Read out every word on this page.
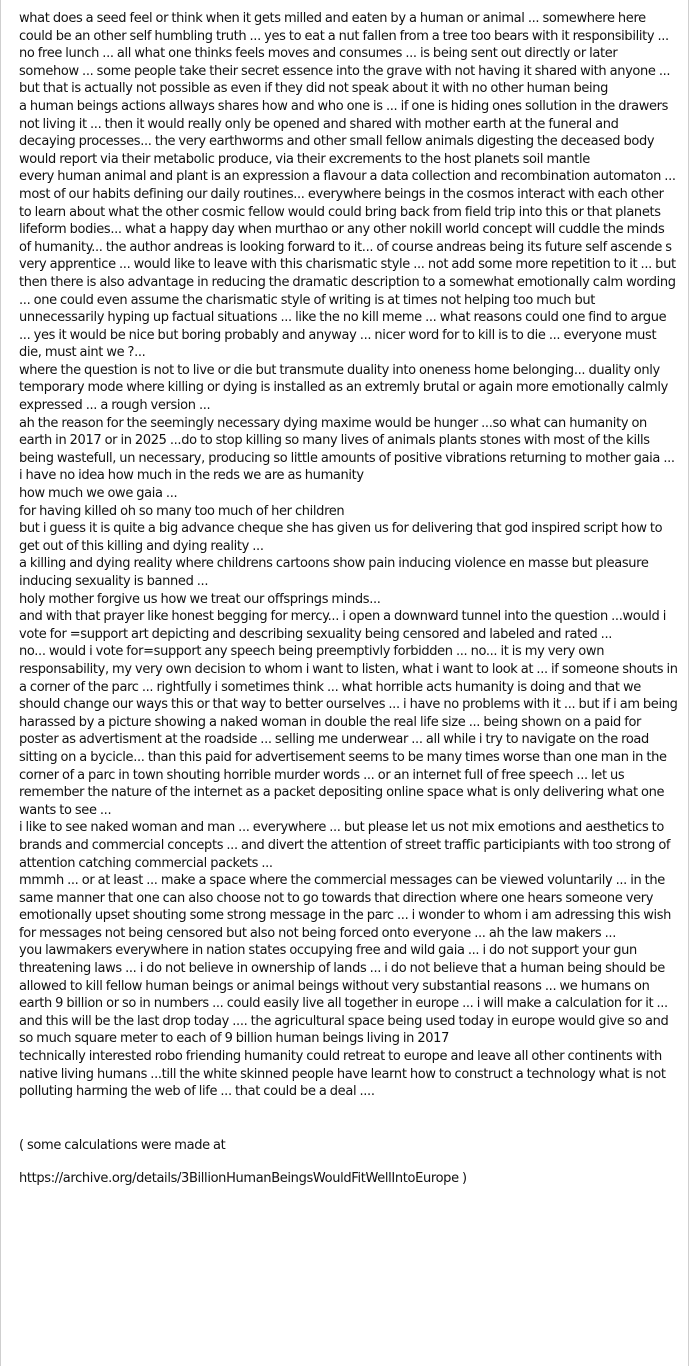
what does a seed feel or think when it gets milled and eaten by a human or animal ... somewhere here could be an other self humbling truth ... yes to eat a nut fallen from a tree too bears with it responsibility ... no free lunch ... all what one thinks feels moves and consumes ... is being sent out directly or later somehow ... some people take their secret essence into the grave with not having it shared with anyone ... but that is actually not possible as even if they did not speak about it with no other human being

a human beings actions allways shares how and who one is ... if one is hiding ones sollution in the drawers not living it ... then it would really only be opened and shared with mother earth at the funeral and decaying processes... the very earthworms and other small fellow animals digesting the deceased body would report via their metabolic produce, via their excrements to the host planets soil mantle

every human animal and plant is an expression a flavour a data collection and recombination automaton ... most of our habits defining our daily routines... everywhere beings in the cosmos interact with each other to learn about what the other cosmic fellow would could bring back from field trip into this or that planets lifeform bodies... what a happy day when murthao or any other nokill world concept will cuddle the minds of humanity... the author andreas is looking forward to it... of course andreas being its future self ascende s very apprentice ... would like to leave with this charismatic style ... not add some more repetition to it ... but then there is also advantage in reducing the dramatic description to a somewhat emotionally calm wording ... one could even assume the charismatic style of writing is at times not helping too much but unnecessarily hyping up factual situations ... like the no kill meme ... what reasons could one find to argue ... yes it would be nice but boring probably and anyway ... nicer word for to kill is to die ... everyone must die, must aint we ?...

where the question is not to live or die but transmute duality into oneness home belonging... duality only temporary mode where killing or dying is installed as an extremly brutal or again more emotionally calmly expressed ... a rough version ...

ah the reason for the seemingly necessary dying maxime would be hunger ...so what can humanity on earth in 2017 or in 2025 ...do to stop killing so many lives of animals plants stones with most of the kills being wastefull, un necessary, producing so little amounts of positive vibrations returning to mother gaia ...

i have no idea how much in the reds we are as humanity

how much we owe gaia ...

for having killed oh so many too much of her children

but i guess it is quite a big advance cheque she has given us for delivering that god inspired script how to get out of this killing and dying reality ...

a killing and dying reality where childrens cartoons show pain inducing violence en masse but pleasure inducing sexuality is banned ...

holy mother forgive us how we treat our offsprings minds...

and with that prayer like honest begging for mercy... i open a downward tunnel into the question ...would i vote for =support art depicting and describing sexuality being censored and labeled and rated ...

no... would i vote for=support any speech being preemptivly forbidden ... no... it is my very own responsability, my very own decision to whom i want to listen, what i want to look at ... if someone shouts in a corner of the parc ... rightfully i sometimes think ... what horrible acts humanity is doing and that we should change our ways this or that way to better ourselves ... i have no problems with it ... but if i am being harassed by a picture showing a naked woman in double the real life size ... being shown on a paid for poster as advertisment at the roadside ... selling me underwear ... all while i try to navigate on the road sitting on a bycicle... than this paid for advertisement seems to be many times worse than one man in the corner of a parc in town shouting horrible murder words ... or an internet full of free speech ... let us remember the nature of the internet as a packet depositing online space what is only delivering what one wants to see ...

i like to see naked woman and man ... everywhere ... but please let us not mix emotions and aesthetics to brands and commercial concepts ... and divert the attention of street traffic participiants with too strong of attention catching commercial packets ...

mmmh ... or at least ... make a space where the commercial messages can be viewed voluntarily ... in the same manner that one can also choose not to go towards that direction where one hears someone very emotionally upset shouting some strong message in the parc ... i wonder to whom i am adressing this wish for messages not being censored but also not being forced onto everyone ... ah the law makers ...

you lawmakers everywhere in nation states occupying free and wild gaia ... i do not support your gun threatening laws ... i do not believe in ownership of lands ... i do not believe that a human being should be allowed to kill fellow human beings or animal beings without very substantial reasons ... we humans on earth 9 billion or so in numbers ... could easily live all together in europe ... i will make a calculation for it ... and this will be the last drop today .... the agricultural space being used today in europe would give so and so much square meter to each of 9 billion human beings living in 2017

technically interested robo friending humanity could retreat to europe and leave all other continents with native living humans ...till the white skinned people have learnt how to construct a technology what is not polluting harming the web of life ... that could be a deal ....

( some calculations were made at

https://archive.org/details/3BillionHumanBeingsWouldFitWellIntoEurope )
